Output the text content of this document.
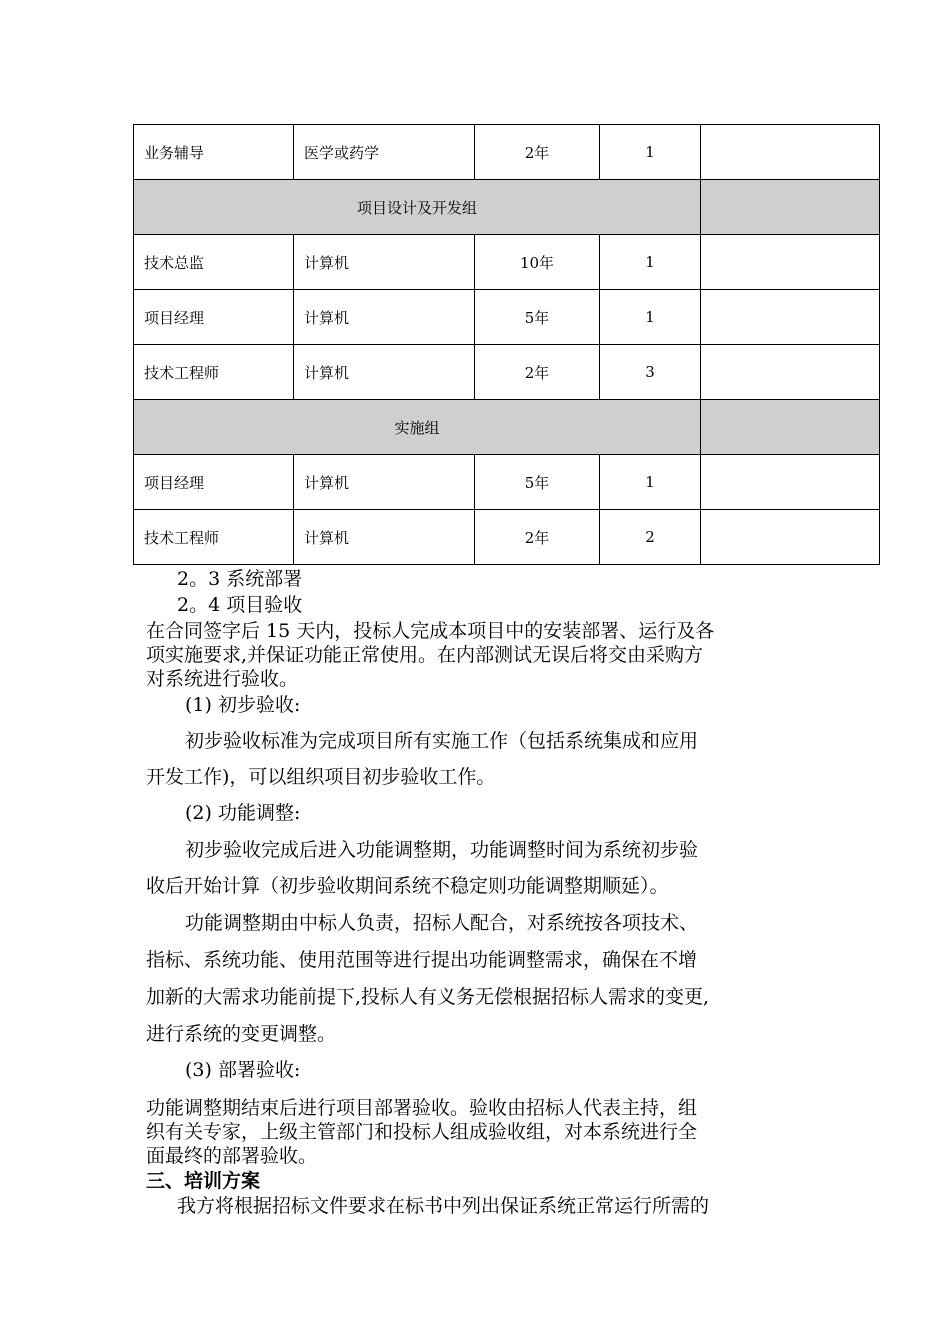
业务辅导	医学或药学	2年	1	
项目设计及开发组				
技术总监	计算机	10年	1	
项目经理	计算机	5年	1	
技术工程师	计算机	2年	3	
实施组				
项目经理	计算机	5年	1	
技术工程师	计算机	2年	2	
2。3 系统部署
2。4 项目验收
在合同签字后 15 天内，投标人完成本项目中的安装部署、运行及各
项实施要求,并保证功能正常使用。在内部测试无误后将交由采购方
对系统进行验收。
(1) 初步验收:
初步验收标准为完成项目所有实施工作（包括系统集成和应用
开发工作)，可以组织项目初步验收工作。
(2) 功能调整:
初步验收完成后进入功能调整期，功能调整时间为系统初步验
收后开始计算（初步验收期间系统不稳定则功能调整期顺延）。
功能调整期由中标人负责，招标人配合，对系统按各项技术、
指标、系统功能、使用范围等进行提出功能调整需求，确保在不增
加新的大需求功能前提下,投标人有义务无偿根据招标人需求的变更,
进行系统的变更调整。
(3) 部署验收:
功能调整期结束后进行项目部署验收。验收由招标人代表主持，组
织有关专家，上级主管部门和投标人组成验收组，对本系统进行全
面最终的部署验收。
三、培训方案
我方将根据招标文件要求在标书中列出保证系统正常运行所需的
